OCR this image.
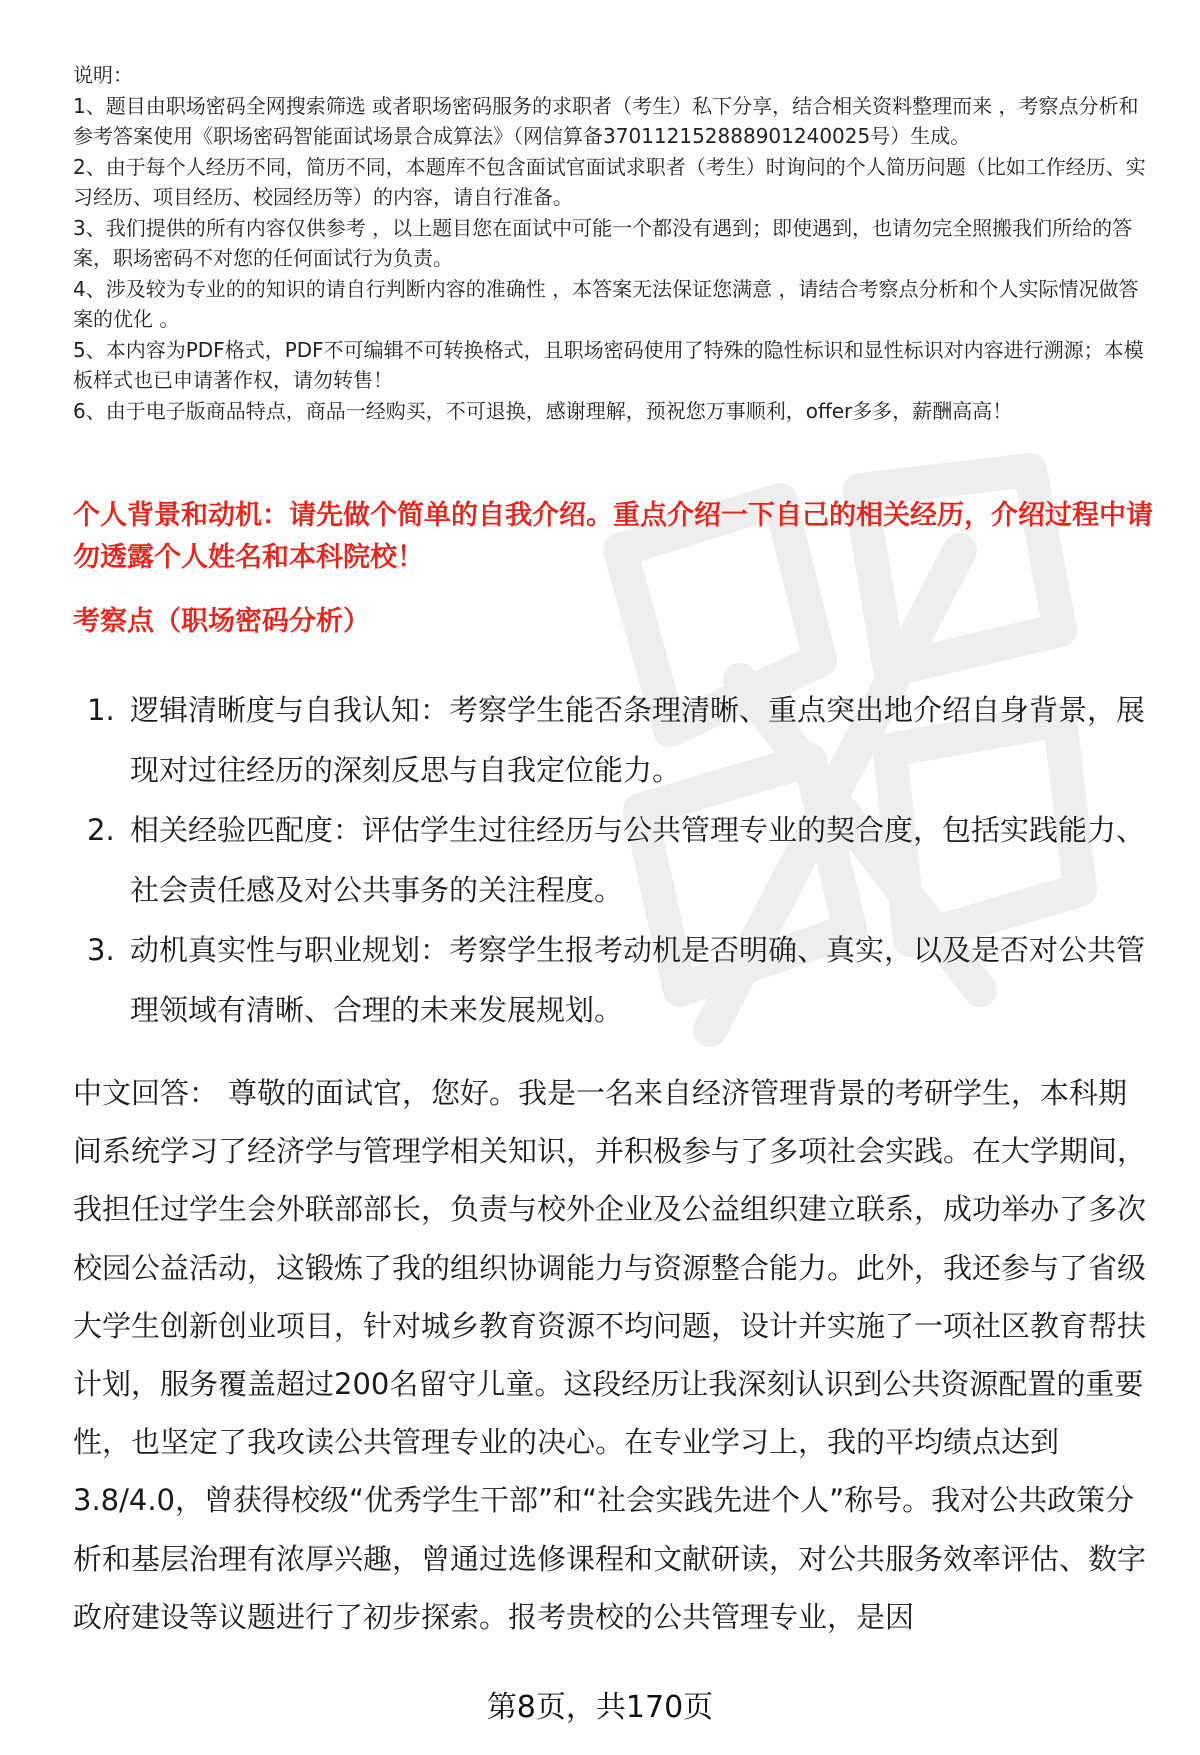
说明：

1、题目由职场密码全网搜索筛选 或者职场密码服务的求职者（考生）私下分享，结合相关资料整理而来 ，考察点分析和参考答案使用《职场密码智能面试场景合成算法》（网信算备370112152888901240025号）生成。

2、由于每个人经历不同，简历不同，本题库不包含面试官面试求职者（考生）时询问的个人简历问题（比如工作经历、实习经历、项目经历、校园经历等）的内容，请自行准备。

3、我们提供的所有内容仅供参考 ，以上题目您在面试中可能一个都没有遇到；即使遇到，也请勿完全照搬我们所给的答案，职场密码不对您的任何面试行为负责。

4、涉及较为专业的的知识的请自行判断内容的准确性 ，本答案无法保证您满意 ，请结合考察点分析和个人实际情况做答案的优化 。

5、本内容为PDF格式，PDF不可编辑不可转换格式，且职场密码使用了特殊的隐性标识和显性标识对内容进行溯源；本模板样式也已申请著作权，请勿转售！

6、由于电子版商品特点，商品一经购买，不可退换，感谢理解，预祝您万事顺利，offer多多，薪酬高高！

个人背景和动机：请先做个简单的自我介绍。重点介绍一下自己的相关经历，介绍过程中请勿透露个人姓名和本科院校！
考察点（职场密码分析）
1. 逻辑清晰度与自我认知：考察学生能否条理清晰、重点突出地介绍自身背景，展现对过往经历的深刻反思与自我定位能力。
2. 相关经验匹配度：评估学生过往经历与公共管理专业的契合度，包括实践能力、社会责任感及对公共事务的关注程度。
3. 动机真实性与职业规划：考察学生报考动机是否明确、真实，以及是否对公共管理领域有清晰、合理的未来发展规划。

中文回答： 尊敬的面试官，您好。我是一名来自经济管理背景的考研学生，本科期间系统学习了经济学与管理学相关知识，并积极参与了多项社会实践。在大学期间，我担任过学生会外联部部长，负责与校外企业及公益组织建立联系，成功举办了多次校园公益活动，这锻炼了我的组织协调能力与资源整合能力。此外，我还参与了省级大学生创新创业项目，针对城乡教育资源不均问题，设计并实施了一项社区教育帮扶计划，服务覆盖超过200名留守儿童。这段经历让我深刻认识到公共资源配置的重要性，也坚定了我攻读公共管理专业的决心。在专业学习上，我的平均绩点达到3.8/4.0，曾获得校级“优秀学生干部”和“社会实践先进个人”称号。我对公共政策分析和基层治理有浓厚兴趣，曾通过选修课程和文献研读，对公共服务效率评估、数字政府建设等议题进行了初步探索。报考贵校的公共管理专业，是因

第8页，共170页
